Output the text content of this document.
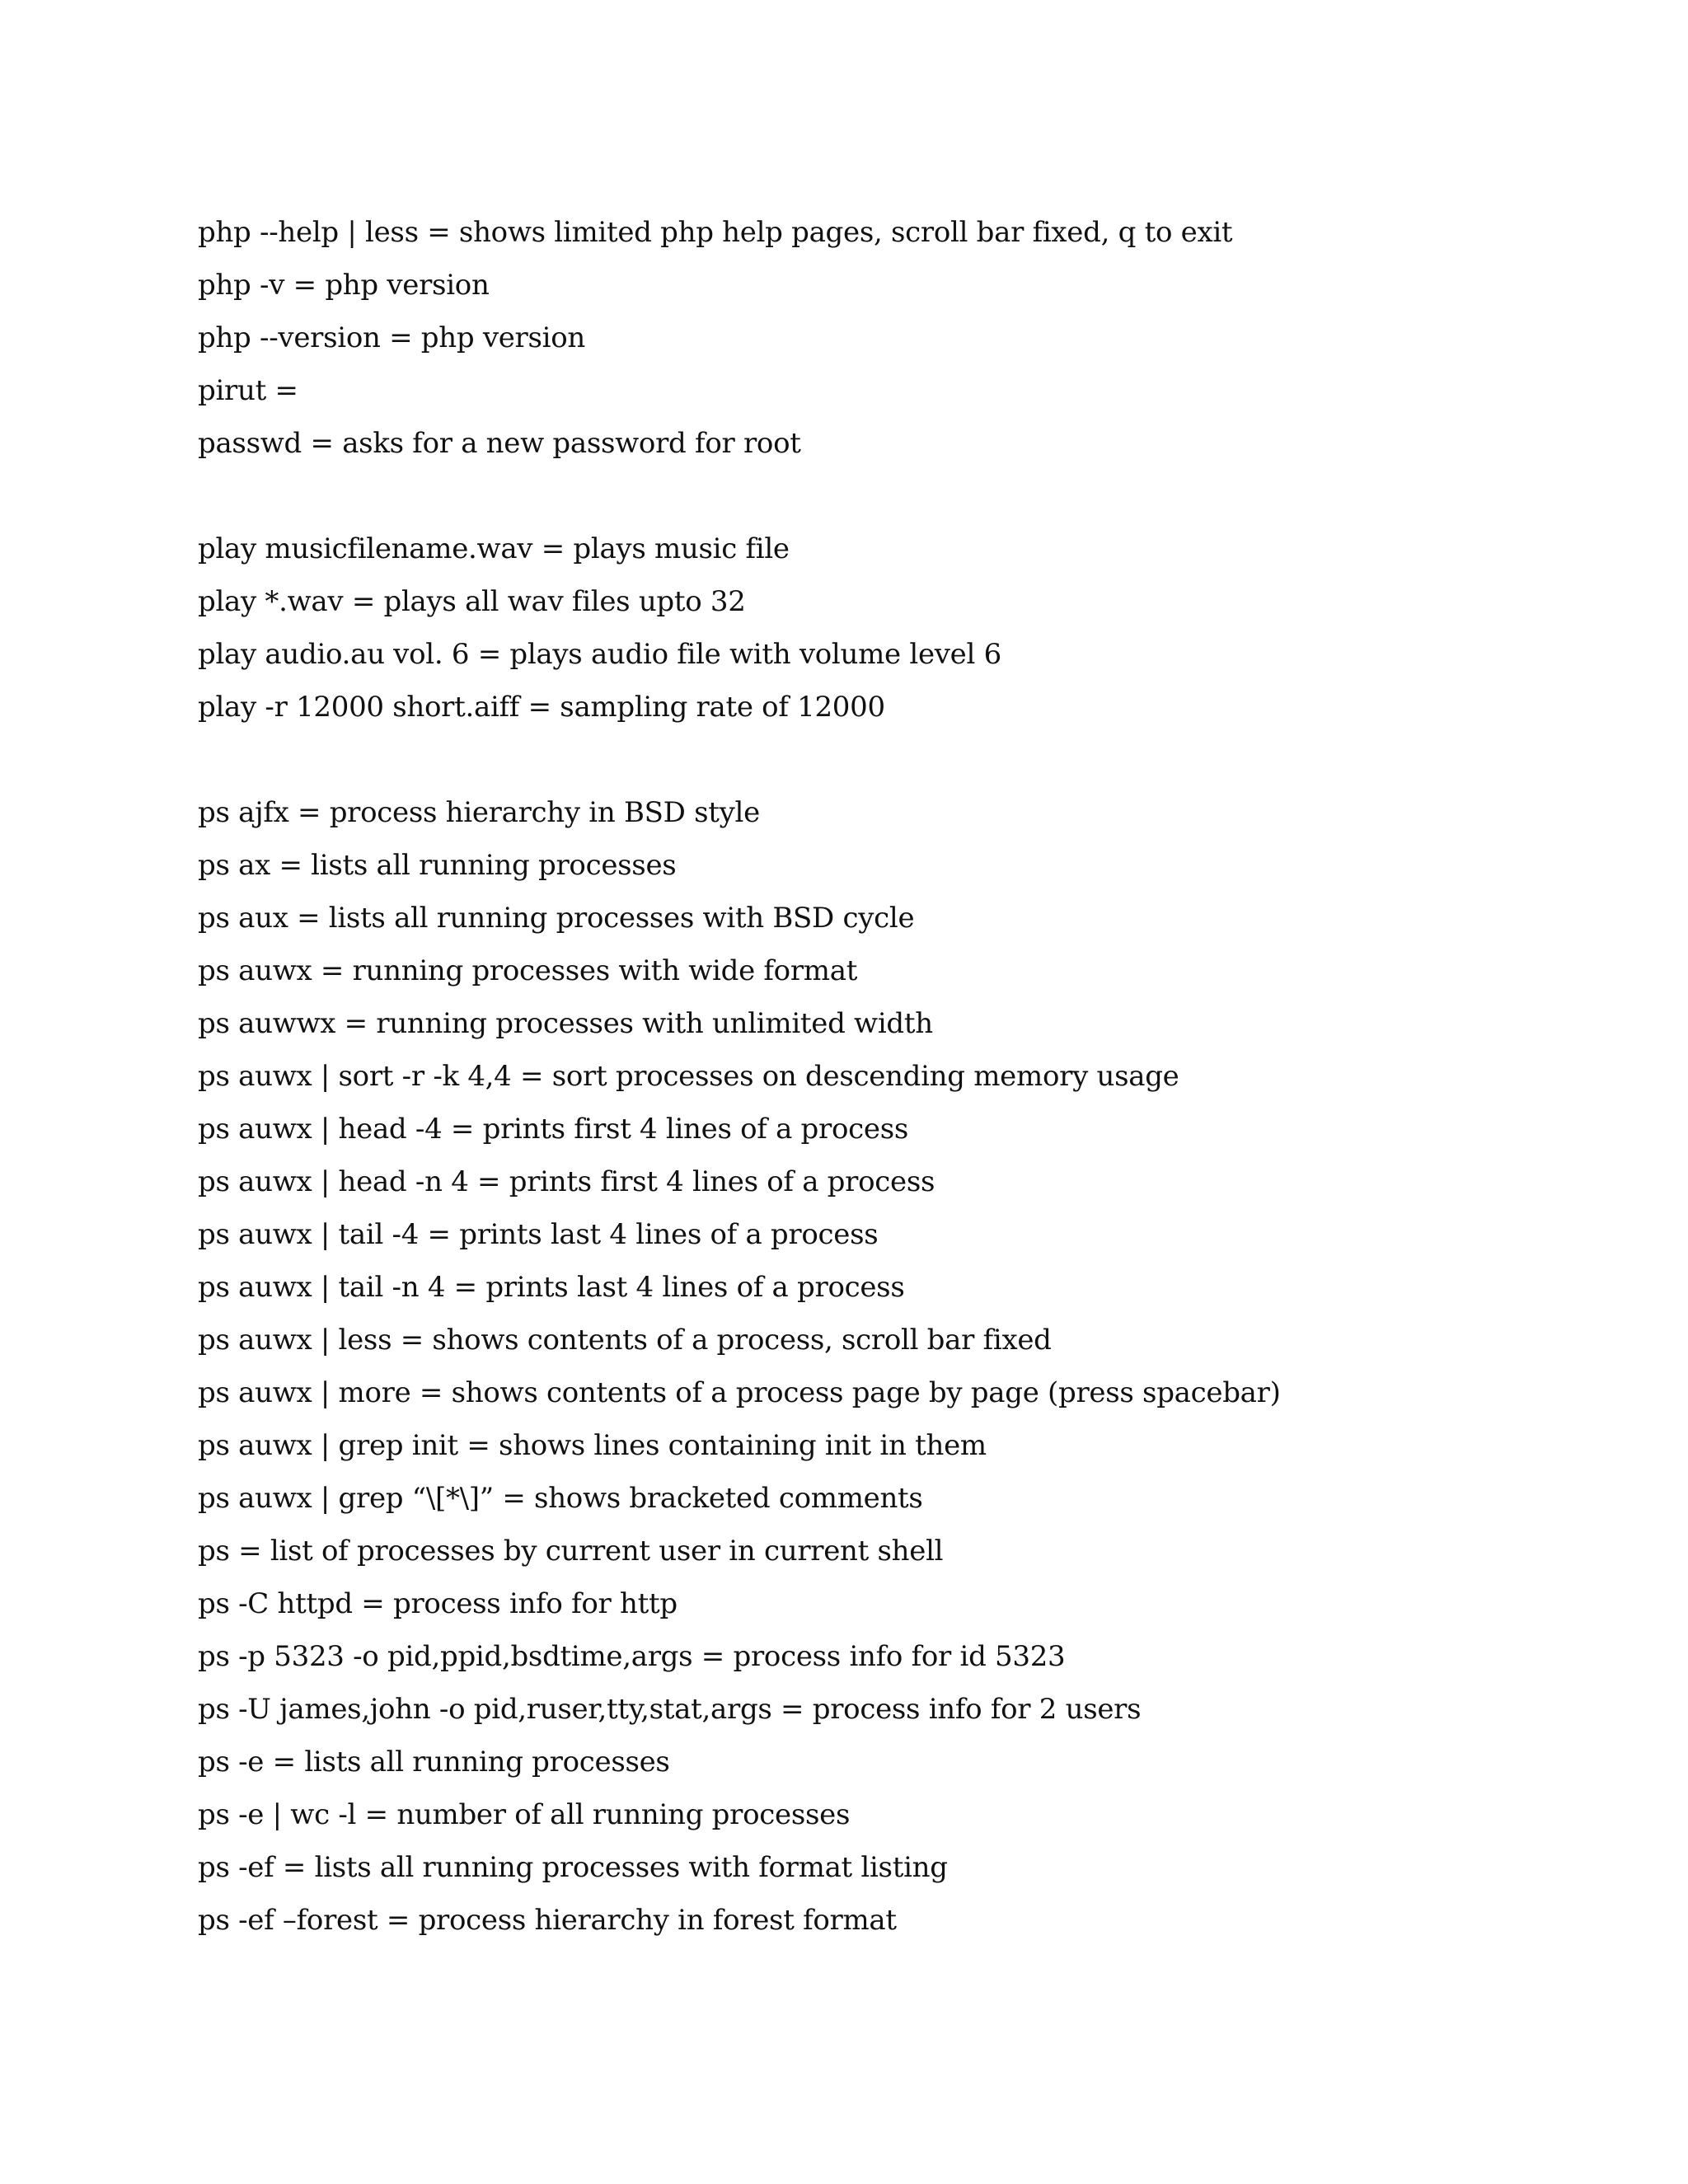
php --help | less = shows limited php help pages, scroll bar fixed, q to exit
php -v = php version
php --version = php version
pirut =
passwd = asks for a new password for root
play musicfilename.wav = plays music file
play *.wav = plays all wav files upto 32
play audio.au vol. 6 = plays audio file with volume level 6
play -r 12000 short.aiff = sampling rate of 12000
ps ajfx = process hierarchy in BSD style
ps ax = lists all running processes
ps aux = lists all running processes with BSD cycle
ps auwx = running processes with wide format
ps auwwx = running processes with unlimited width
ps auwx | sort -r -k 4,4 = sort processes on descending memory usage
ps auwx | head -4 = prints first 4 lines of a process
ps auwx | head -n 4 = prints first 4 lines of a process
ps auwx | tail -4 = prints last 4 lines of a process
ps auwx | tail -n 4 = prints last 4 lines of a process
ps auwx | less = shows contents of a process, scroll bar fixed
ps auwx | more = shows contents of a process page by page (press spacebar)
ps auwx | grep init = shows lines containing init in them
ps auwx | grep “\[*\]” = shows bracketed comments
ps = list of processes by current user in current shell
ps -C httpd = process info for http
ps -p 5323 -o pid,ppid,bsdtime,args = process info for id 5323
ps -U james,john -o pid,ruser,tty,stat,args = process info for 2 users
ps -e = lists all running processes
ps -e | wc -l = number of all running processes
ps -ef = lists all running processes with format listing
ps -ef –forest = process hierarchy in forest format
